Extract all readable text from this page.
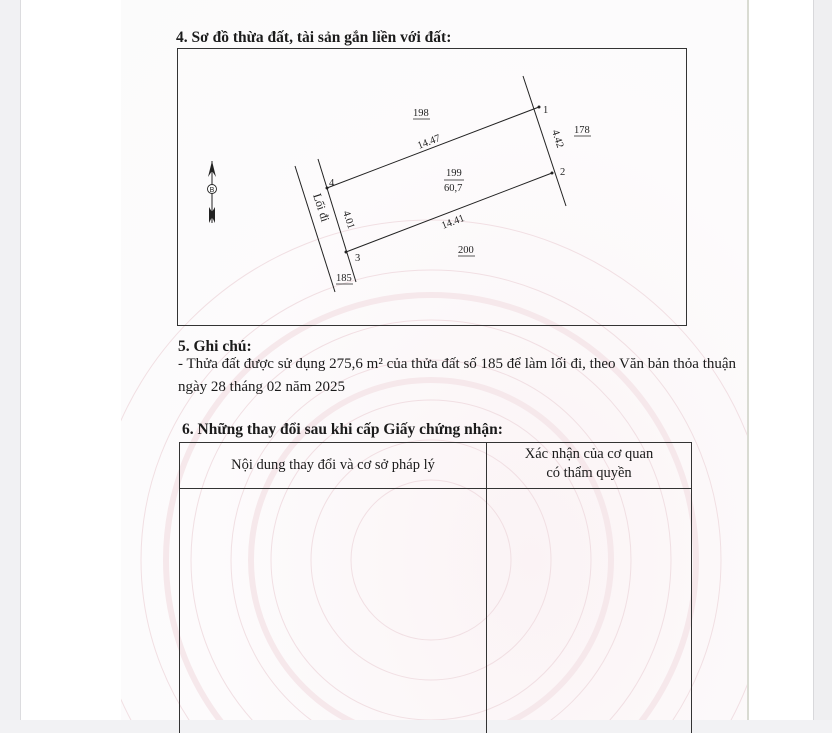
4. Sơ đồ thừa đất, tài sản gắn liền với đất:
B
1
2
3
4
14.47	4.42
14.41
4.01
198
178
200
185
199
60,7
Lối đi
5. Ghi chú:
- Thửa đất được sử dụng 275,6 m² của thửa đất số 185 để làm lối đi, theo Văn bản thỏa thuận
ngày 28 tháng 02 năm 2025
6. Những thay đổi sau khi cấp Giấy chứng nhận:
Nội dung thay đổi và cơ sở pháp lý
Xác nhận của cơ quan
có thẩm quyền
